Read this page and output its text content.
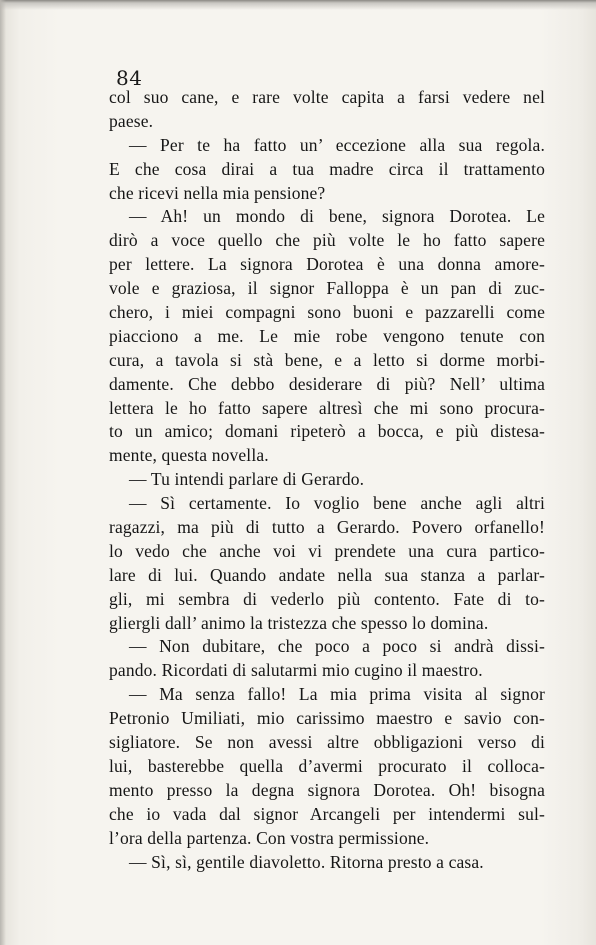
84
col suo cane, e rare volte capita a farsi vedere nel
paese.
— Per te ha fatto un’ eccezione alla sua regola.
E che cosa dirai a tua madre circa il trattamento
che ricevi nella mia pensione?
— Ah! un mondo di bene, signora Dorotea. Le
dirò a voce quello che più volte le ho fatto sapere
per lettere. La signora Dorotea è una donna amore-
vole e graziosa, il signor Falloppa è un pan di zuc-
chero, i miei compagni sono buoni e pazzarelli come
piacciono a me. Le mie robe vengono tenute con
cura, a tavola si stà bene, e a letto si dorme morbi-
damente. Che debbo desiderare di più? Nell’ ultima
lettera le ho fatto sapere altresì che mi sono procura-
to un amico; domani ripeterò a bocca, e più distesa-
mente, questa novella.
— Tu intendi parlare di Gerardo.
— Sì certamente. Io voglio bene anche agli altri
ragazzi, ma più di tutto a Gerardo. Povero orfanello!
lo vedo che anche voi vi prendete una cura partico-
lare di lui. Quando andate nella sua stanza a parlar-
gli, mi sembra di vederlo più contento. Fate di to-
gliergli dall’ animo la tristezza che spesso lo domina.
— Non dubitare, che poco a poco si andrà dissi-
pando. Ricordati di salutarmi mio cugino il maestro.
— Ma senza fallo! La mia prima visita al signor
Petronio Umiliati, mio carissimo maestro e savio con-
sigliatore. Se non avessi altre obbligazioni verso di
lui, basterebbe quella d’avermi procurato il colloca-
mento presso la degna signora Dorotea. Oh! bisogna
che io vada dal signor Arcangeli per intendermi sul-
l’ora della partenza. Con vostra permissione.
— Sì, sì, gentile diavoletto. Ritorna presto a casa.
